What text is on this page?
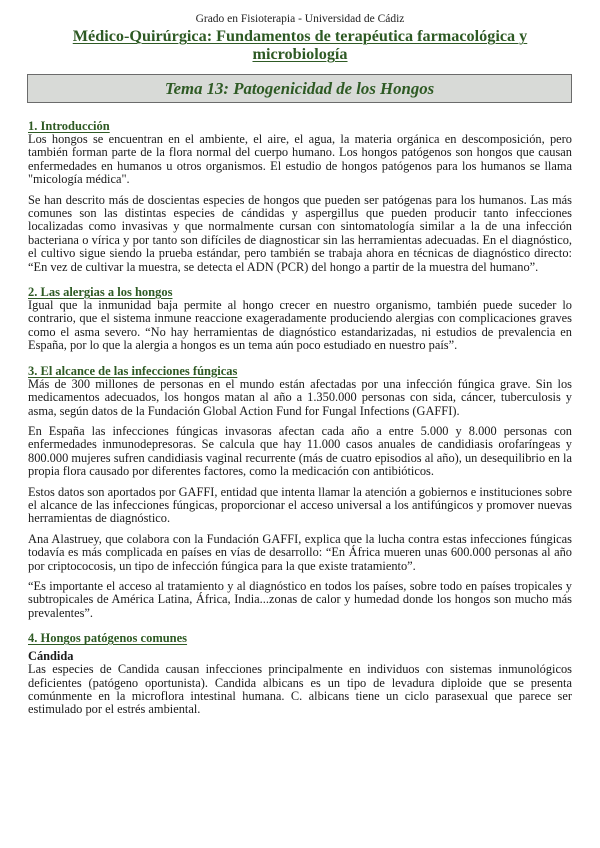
Grado en Fisioterapia - Universidad de Cádiz
Médico-Quirúrgica: Fundamentos de terapéutica farmacológica y microbiología
Tema 13: Patogenicidad de los Hongos
1. Introducción

Los hongos se encuentran en el ambiente, el aire, el agua, la materia orgánica en descomposición, pero también forman parte de la flora normal del cuerpo humano. Los hongos patógenos son hongos que causan enfermedades en humanos u otros organismos. El estudio de hongos patógenos para los humanos se llama "micología médica".

Se han descrito más de doscientas especies de hongos que pueden ser patógenas para los humanos. Las más comunes son las distintas especies de cándidas y aspergillus que pueden producir tanto infecciones localizadas como invasivas y que normalmente cursan con sintomatología similar a la de una infección bacteriana o vírica y por tanto son difíciles de diagnosticar sin las herramientas adecuadas. En el diagnóstico, el cultivo sigue siendo la prueba estándar, pero también se trabaja ahora en técnicas de diagnóstico directo: “En vez de cultivar la muestra, se detecta el ADN (PCR) del hongo a partir de la muestra del humano”.

2. Las alergias a los hongos

Igual que la inmunidad baja permite al hongo crecer en nuestro organismo, también puede suceder lo contrario, que el sistema inmune reaccione exageradamente produciendo alergias con complicaciones graves como el asma severo. “No hay herramientas de diagnóstico estandarizadas, ni estudios de prevalencia en España, por lo que la alergia a hongos es un tema aún poco estudiado en nuestro país”.

3. El alcance de las infecciones fúngicas

Más de 300 millones de personas en el mundo están afectadas por una infección fúngica grave. Sin los medicamentos adecuados, los hongos matan al año a 1.350.000 personas con sida, cáncer, tuberculosis y asma, según datos de la Fundación Global Action Fund for Fungal Infections (GAFFI).

En España las infecciones fúngicas invasoras afectan cada año a entre 5.000 y 8.000 personas con enfermedades inmunodepresoras. Se calcula que hay 11.000 casos anuales de candidiasis orofaríngeas y 800.000 mujeres sufren candidiasis vaginal recurrente (más de cuatro episodios al año), un desequilibrio en la propia flora causado por diferentes factores, como la medicación con antibióticos.

Estos datos son aportados por GAFFI, entidad que intenta llamar la atención a gobiernos e instituciones sobre el alcance de las infecciones fúngicas, proporcionar el acceso universal a los antifúngicos y promover nuevas herramientas de diagnóstico.

Ana Alastruey, que colabora con la Fundación GAFFI, explica que la lucha contra estas infecciones fúngicas todavía es más complicada en países en vías de desarrollo: “En África mueren unas 600.000 personas al año por criptococosis, un tipo de infección fúngica para la que existe tratamiento”.

“Es importante el acceso al tratamiento y al diagnóstico en todos los países, sobre todo en países tropicales y subtropicales de América Latina, África, India...zonas de calor y humedad donde los hongos son mucho más prevalentes”.

4. Hongos patógenos comunes
Cándida

Las especies de Candida causan infecciones principalmente en individuos con sistemas inmunológicos deficientes (patógeno oportunista). Candida albicans es un tipo de levadura diploide que se presenta comúnmente en la microflora intestinal humana. C. albicans tiene un ciclo parasexual que parece ser estimulado por el estrés ambiental.
